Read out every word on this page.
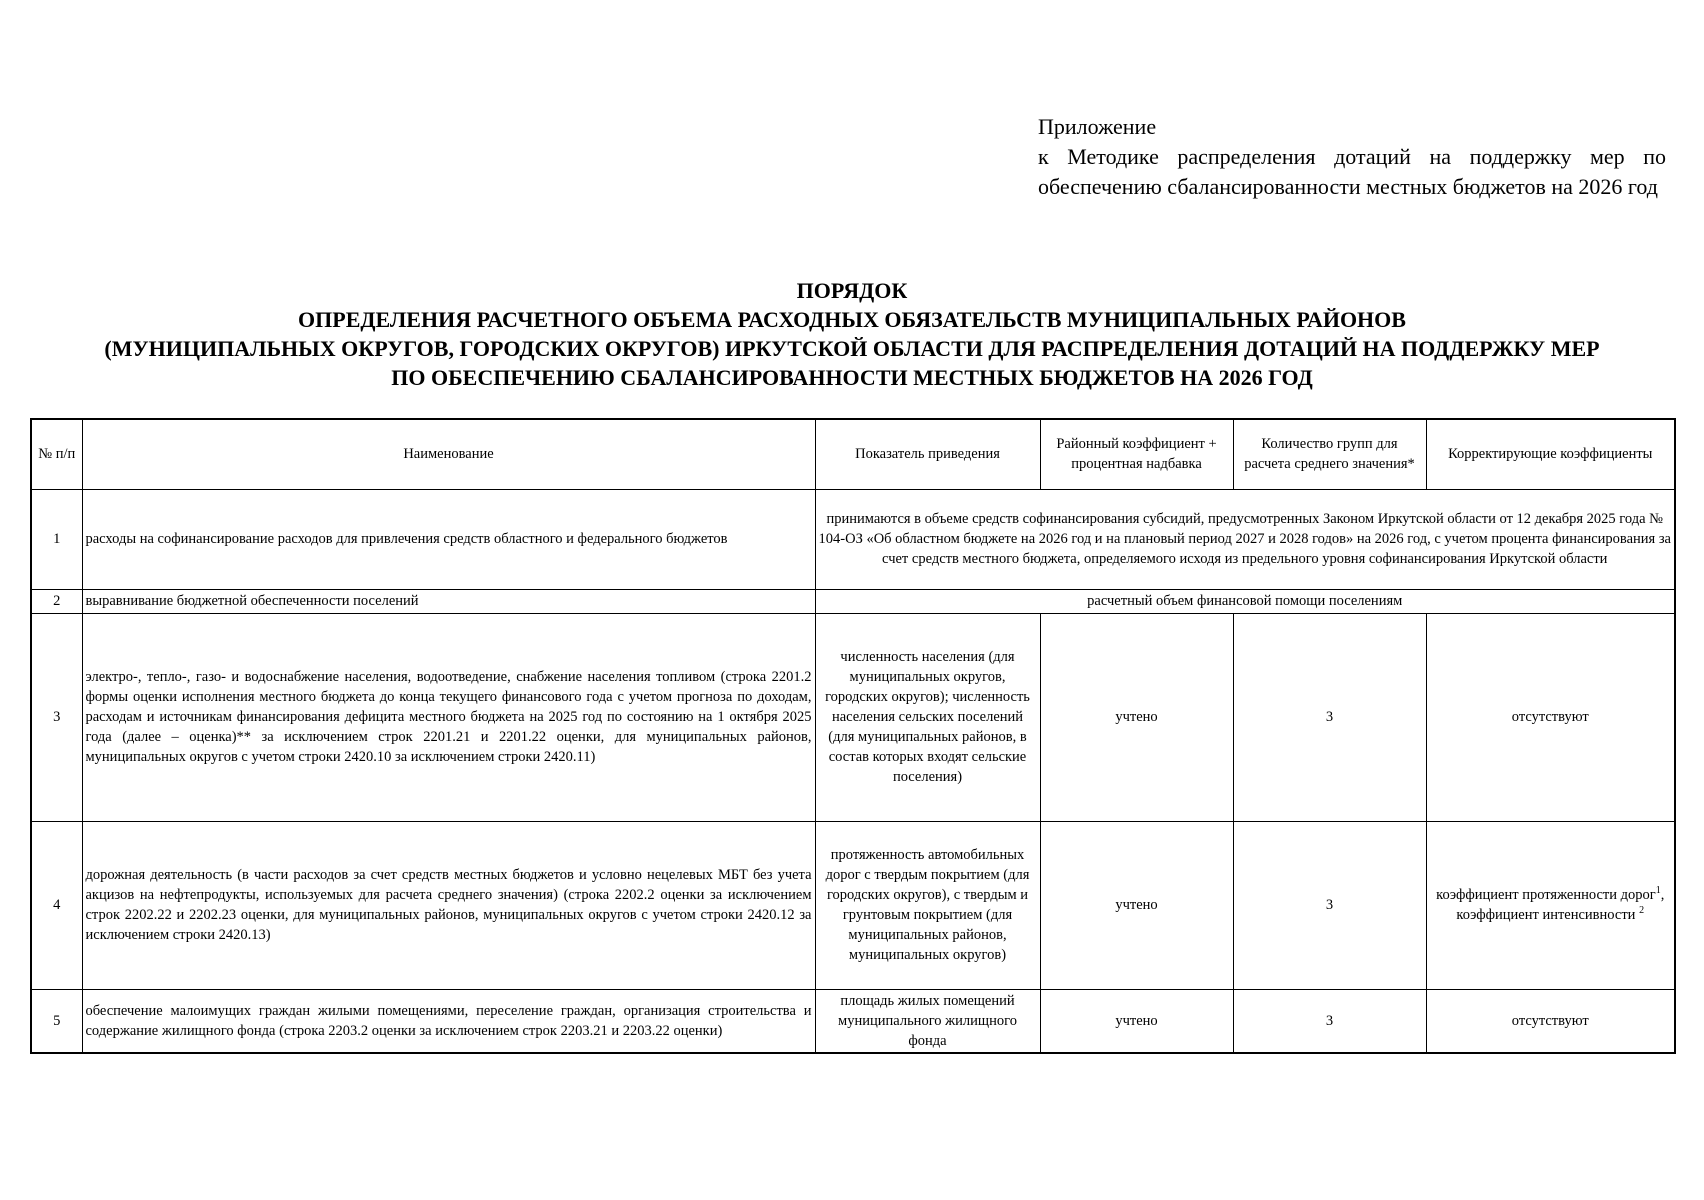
Приложение
к Методике распределения дотаций на поддержку мер по обеспечению сбалансированности местных бюджетов на 2026 год
ПОРЯДОК
ОПРЕДЕЛЕНИЯ РАСЧЕТНОГО ОБЪЕМА РАСХОДНЫХ ОБЯЗАТЕЛЬСТВ МУНИЦИПАЛЬНЫХ РАЙОНОВ
(МУНИЦИПАЛЬНЫХ ОКРУГОВ, ГОРОДСКИХ ОКРУГОВ) ИРКУТСКОЙ ОБЛАСТИ ДЛЯ РАСПРЕДЕЛЕНИЯ ДОТАЦИЙ НА ПОДДЕРЖКУ МЕР
ПО ОБЕСПЕЧЕНИЮ СБАЛАНСИРОВАННОСТИ МЕСТНЫХ БЮДЖЕТОВ НА 2026 ГОД
№ п/п	Наименование	Показатель приведения	Районный коэффициент + процентная надбавка	Количество групп для расчета среднего значения*	Корректирующие коэффициенты
1	расходы на софинансирование расходов для привлечения средств областного и федерального бюджетов	принимаются в объеме средств софинансирования субсидий, предусмотренных Законом Иркутской области от 12 декабря 2025 года № 104-ОЗ «Об областном бюджете на 2026 год и на плановый период 2027 и 2028 годов» на 2026 год, с учетом процента финансирования за счет средств местного бюджета, определяемого исходя из предельного уровня софинансирования Иркутской области			
2	выравнивание бюджетной обеспеченности поселений	расчетный объем финансовой помощи поселениям			
3	электро-, тепло-, газо- и водоснабжение населения, водоотведение, снабжение населения топливом (строка 2201.2 формы оценки исполнения местного бюджета до конца текущего финансового года с учетом прогноза по доходам, расходам и источникам финансирования дефицита местного бюджета на 2025 год по состоянию на 1 октября 2025 года (далее – оценка)** за исключением строк 2201.21 и 2201.22 оценки, для муниципальных районов, муниципальных округов с учетом строки 2420.10 за исключением строки 2420.11)	численность населения (для муниципальных округов, городских округов); численность населения сельских поселений (для муниципальных районов, в состав которых входят сельские поселения)	учтено	3	отсутствуют
4	дорожная деятельность (в части расходов за счет средств местных бюджетов и условно нецелевых МБТ без учета акцизов на нефтепродукты, используемых для расчета среднего значения) (строка 2202.2 оценки за исключением строк 2202.22 и 2202.23 оценки, для муниципальных районов, муниципальных округов с учетом строки 2420.12 за исключением строки 2420.13)	протяженность автомобильных дорог с твердым покрытием (для городских округов), с твердым и грунтовым покрытием (для муниципальных районов, муниципальных округов)	учтено	3	коэффициент протяженности дорог$^1$,
коэффициент интенсивности $^2$
5	обеспечение малоимущих граждан жилыми помещениями, переселение граждан, организация строительства и содержание жилищного фонда (строка 2203.2 оценки за исключением строк 2203.21 и 2203.22 оценки)	площадь жилых помещений муниципального жилищного фонда	учтено	3	отсутствуют
